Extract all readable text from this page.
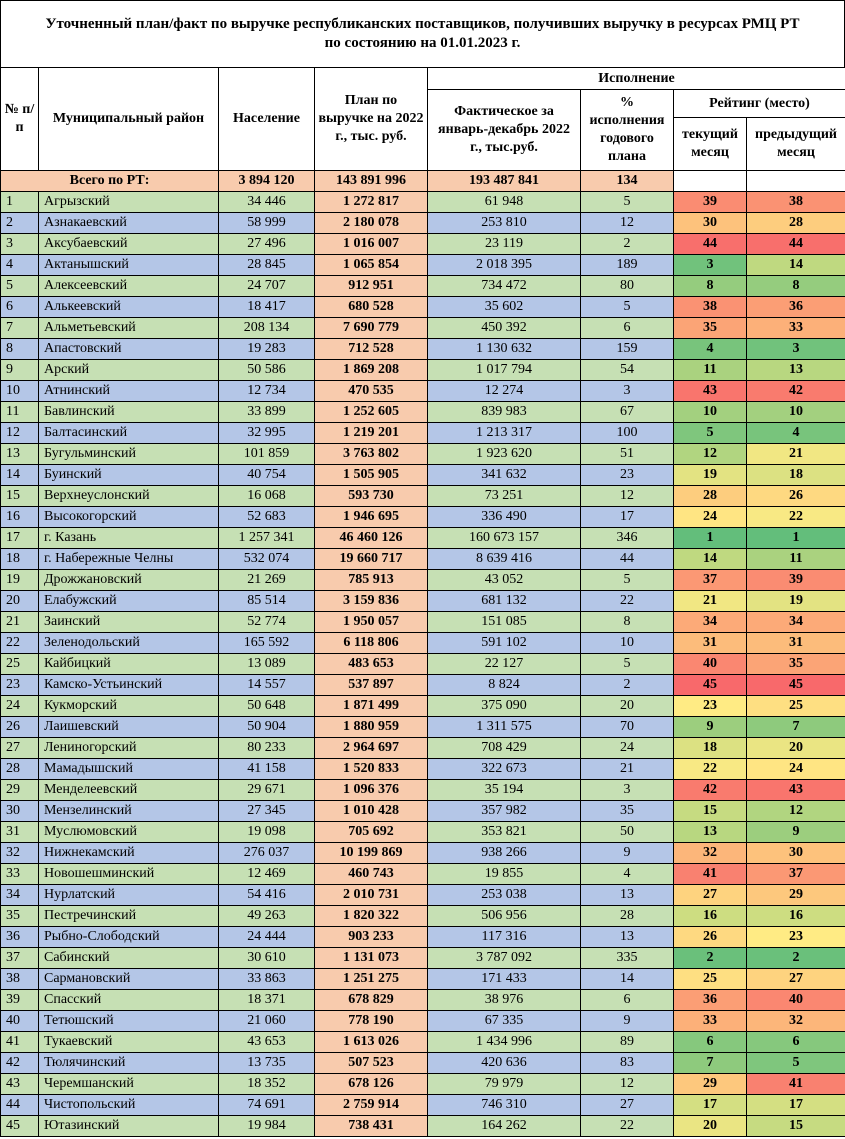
Уточненный план/факт по выручке республиканских поставщиков, получивших выручку в ресурсах РМЦ РТ
по состоянию на 01.01.2023 г.
№ п/п	Муниципальный район	Население	План по выручке на 2022 г., тыс. руб.	Исполнение			
				Фактическое за январь-декабрь 2022 г., тыс.руб.	% исполнения годового плана	Рейтинг (место)	
						текущий месяц	предыдущий месяц
Всего по РТ:		3 894 120	143 891 996	193 487 841	134		
1	Агрызский	34 446	1 272 817	61 948	5	39	38
2	Азнакаевский	58 999	2 180 078	253 810	12	30	28
3	Аксубаевский	27 496	1 016 007	23 119	2	44	44
4	Актанышский	28 845	1 065 854	2 018 395	189	3	14
5	Алексеевский	24 707	912 951	734 472	80	8	8
6	Алькеевский	18 417	680 528	35 602	5	38	36
7	Альметьевский	208 134	7 690 779	450 392	6	35	33
8	Апастовский	19 283	712 528	1 130 632	159	4	3
9	Арский	50 586	1 869 208	1 017 794	54	11	13
10	Атнинский	12 734	470 535	12 274	3	43	42
11	Бавлинский	33 899	1 252 605	839 983	67	10	10
12	Балтасинский	32 995	1 219 201	1 213 317	100	5	4
13	Бугульминский	101 859	3 763 802	1 923 620	51	12	21
14	Буинский	40 754	1 505 905	341 632	23	19	18
15	Верхнеуслонский	16 068	593 730	73 251	12	28	26
16	Высокогорский	52 683	1 946 695	336 490	17	24	22
17	г. Казань	1 257 341	46 460 126	160 673 157	346	1	1
18	г. Набережные Челны	532 074	19 660 717	8 639 416	44	14	11
19	Дрожжановский	21 269	785 913	43 052	5	37	39
20	Елабужский	85 514	3 159 836	681 132	22	21	19
21	Заинский	52 774	1 950 057	151 085	8	34	34
22	Зеленодольский	165 592	6 118 806	591 102	10	31	31
25	Кайбицкий	13 089	483 653	22 127	5	40	35
23	Камско-Устьинский	14 557	537 897	8 824	2	45	45
24	Кукморский	50 648	1 871 499	375 090	20	23	25
26	Лаишевский	50 904	1 880 959	1 311 575	70	9	7
27	Лениногорский	80 233	2 964 697	708 429	24	18	20
28	Мамадышский	41 158	1 520 833	322 673	21	22	24
29	Менделеевский	29 671	1 096 376	35 194	3	42	43
30	Мензелинский	27 345	1 010 428	357 982	35	15	12
31	Муслюмовский	19 098	705 692	353 821	50	13	9
32	Нижнекамский	276 037	10 199 869	938 266	9	32	30
33	Новошешминский	12 469	460 743	19 855	4	41	37
34	Нурлатский	54 416	2 010 731	253 038	13	27	29
35	Пестречинский	49 263	1 820 322	506 956	28	16	16
36	Рыбно-Слободский	24 444	903 233	117 316	13	26	23
37	Сабинский	30 610	1 131 073	3 787 092	335	2	2
38	Сармановский	33 863	1 251 275	171 433	14	25	27
39	Спасский	18 371	678 829	38 976	6	36	40
40	Тетюшский	21 060	778 190	67 335	9	33	32
41	Тукаевский	43 653	1 613 026	1 434 996	89	6	6
42	Тюлячинский	13 735	507 523	420 636	83	7	5
43	Черемшанский	18 352	678 126	79 979	12	29	41
44	Чистопольский	74 691	2 759 914	746 310	27	17	17
45	Ютазинский	19 984	738 431	164 262	22	20	15
